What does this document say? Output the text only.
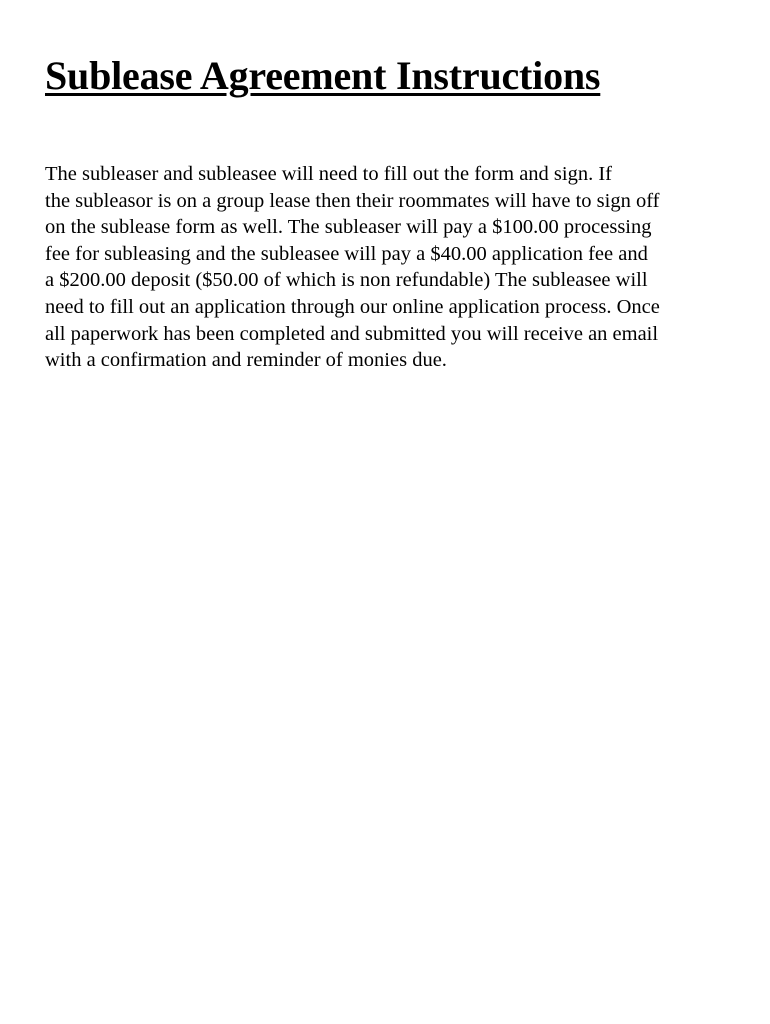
Sublease Agreement Instructions

The subleaser and subleasee will need to fill out the form and sign. If
the subleasor is on a group lease then their roommates will have to sign off
on the sublease form as well. The subleaser will pay a $100.00 processing
fee for subleasing and the subleasee will pay a $40.00 application fee and
a $200.00 deposit ($50.00 of which is non refundable) The subleasee will
need to fill out an application through our online application process. Once
all paperwork has been completed and submitted you will receive an email
with a confirmation and reminder of monies due.
